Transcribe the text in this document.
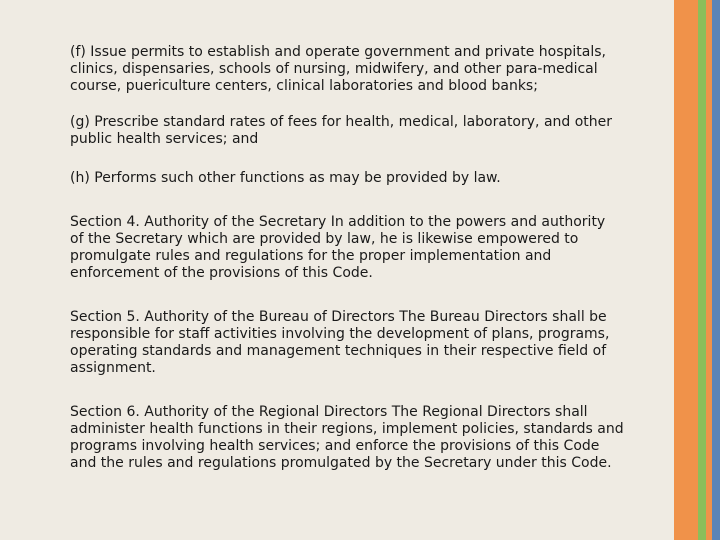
(f) Issue permits to establish and operate government and private hospitals,
clinics, dispensaries, schools of nursing, midwifery, and other para-medical
course, puericulture centers, clinical laboratories and blood banks;

(g) Prescribe standard rates of fees for health, medical, laboratory, and other
public health services; and

(h) Performs such other functions as may be provided by law.

Section 4. Authority of the Secretary In addition to the powers and authority
of the Secretary which are provided by law, he is likewise empowered to
promulgate rules and regulations for the proper implementation and
enforcement of the provisions of this Code.

Section 5. Authority of the Bureau of Directors The Bureau Directors shall be
responsible for staff activities involving the development of plans, programs,
operating standards and management techniques in their respective field of
assignment.

Section 6. Authority of the Regional Directors The Regional Directors shall
administer health functions in their regions, implement policies, standards and
programs involving health services; and enforce the provisions of this Code
and the rules and regulations promulgated by the Secretary under this Code.
